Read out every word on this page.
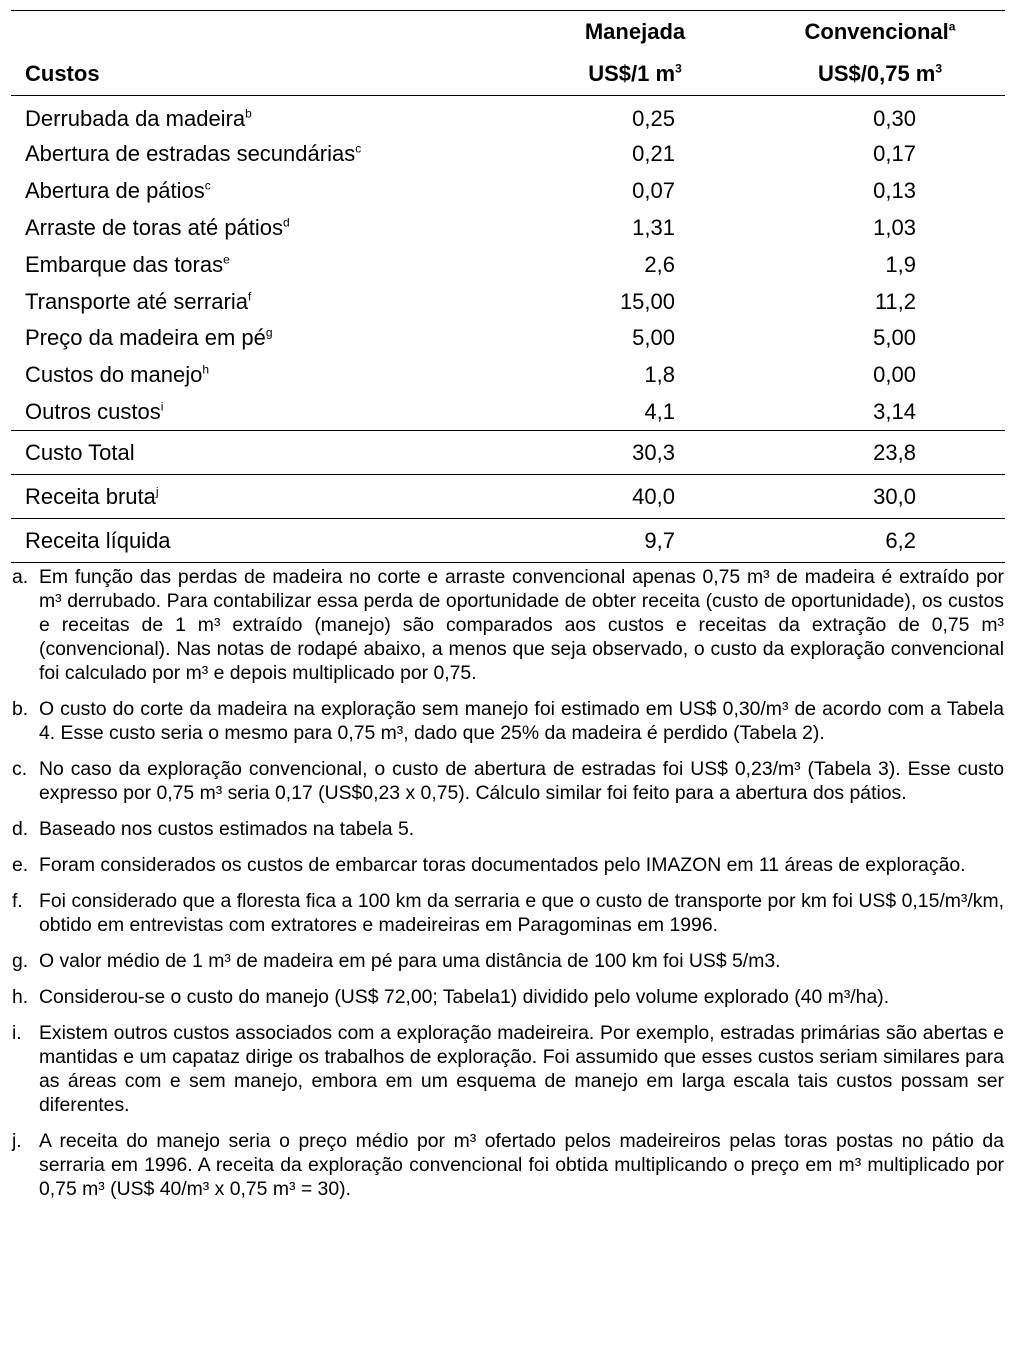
	Manejada	Convencional$^a$
Custos	US$/1 $m^3$	US$/0,75 $m^3$
Derrubada da madeira$^b$	0,25	0,30
Abertura de estradas secundárias$^c$	0,21	0,17
Abertura de pátios$^c$	0,07	0,13
Arraste de toras até pátios$^d$	1,31	1,03
Embarque das toras$^e$	2,6	1,9
Transporte até serraria$^f$	15,00	11,2
Preço da madeira em $pé^g$	5,00	5,00
Custos do manejo$^h$	1,8	0,00
Outros custos$^i$	4,1	3,14
Custo Total	30,3	23,8
Receita bruta$^j$	40,0	30,0
Receita líquida	9,7	6,2
a. Em função das perdas de madeira no corte e arraste convencional apenas 0,75 m³ de madeira é extraído por m³ derrubado. Para contabilizar essa perda de oportunidade de obter receita (custo de oportunidade), os custos e receitas de 1 m³ extraído (manejo) são comparados aos custos e receitas da extração de 0,75 m³ (convencional). Nas notas de rodapé abaixo, a menos que seja observado, o custo da exploração convencional foi calculado por m³ e depois multiplicado por 0,75.
b. O custo do corte da madeira na exploração sem manejo foi estimado em US$ 0,30/m³ de acordo com a Tabela 4. Esse custo seria o mesmo para 0,75 m³, dado que 25% da madeira é perdido (Tabela 2).
c. No caso da exploração convencional, o custo de abertura de estradas foi US$ 0,23/m³ (Tabela 3). Esse custo expresso por 0,75 m³ seria 0,17 (US$0,23 x 0,75). Cálculo similar foi feito para a abertura dos pátios.
d. Baseado nos custos estimados na tabela 5.
e. Foram considerados os custos de embarcar toras documentados pelo IMAZON em 11 áreas de exploração.
f. Foi considerado que a floresta fica a 100 km da serraria e que o custo de transporte por km foi US$ 0,15/m³/km, obtido em entrevistas com extratores e madeireiras em Paragominas em 1996.
g. O valor médio de 1 m³ de madeira em pé para uma distância de 100 km foi US$ 5/m3.
h. Considerou-se o custo do manejo (US$ 72,00; Tabela1) dividido pelo volume explorado (40 m³/ha).
i. Existem outros custos associados com a exploração madeireira. Por exemplo, estradas primárias são abertas e mantidas e um capataz dirige os trabalhos de exploração. Foi assumido que esses custos seriam similares para as áreas com e sem manejo, embora em um esquema de manejo em larga escala tais custos possam ser diferentes.
j. A receita do manejo seria o preço médio por m³ ofertado pelos madeireiros pelas toras postas no pátio da serraria em 1996. A receita da exploração convencional foi obtida multiplicando o preço em m³ multiplicado por 0,75 m³ (US$ 40/m³ x 0,75 m³ = 30).
